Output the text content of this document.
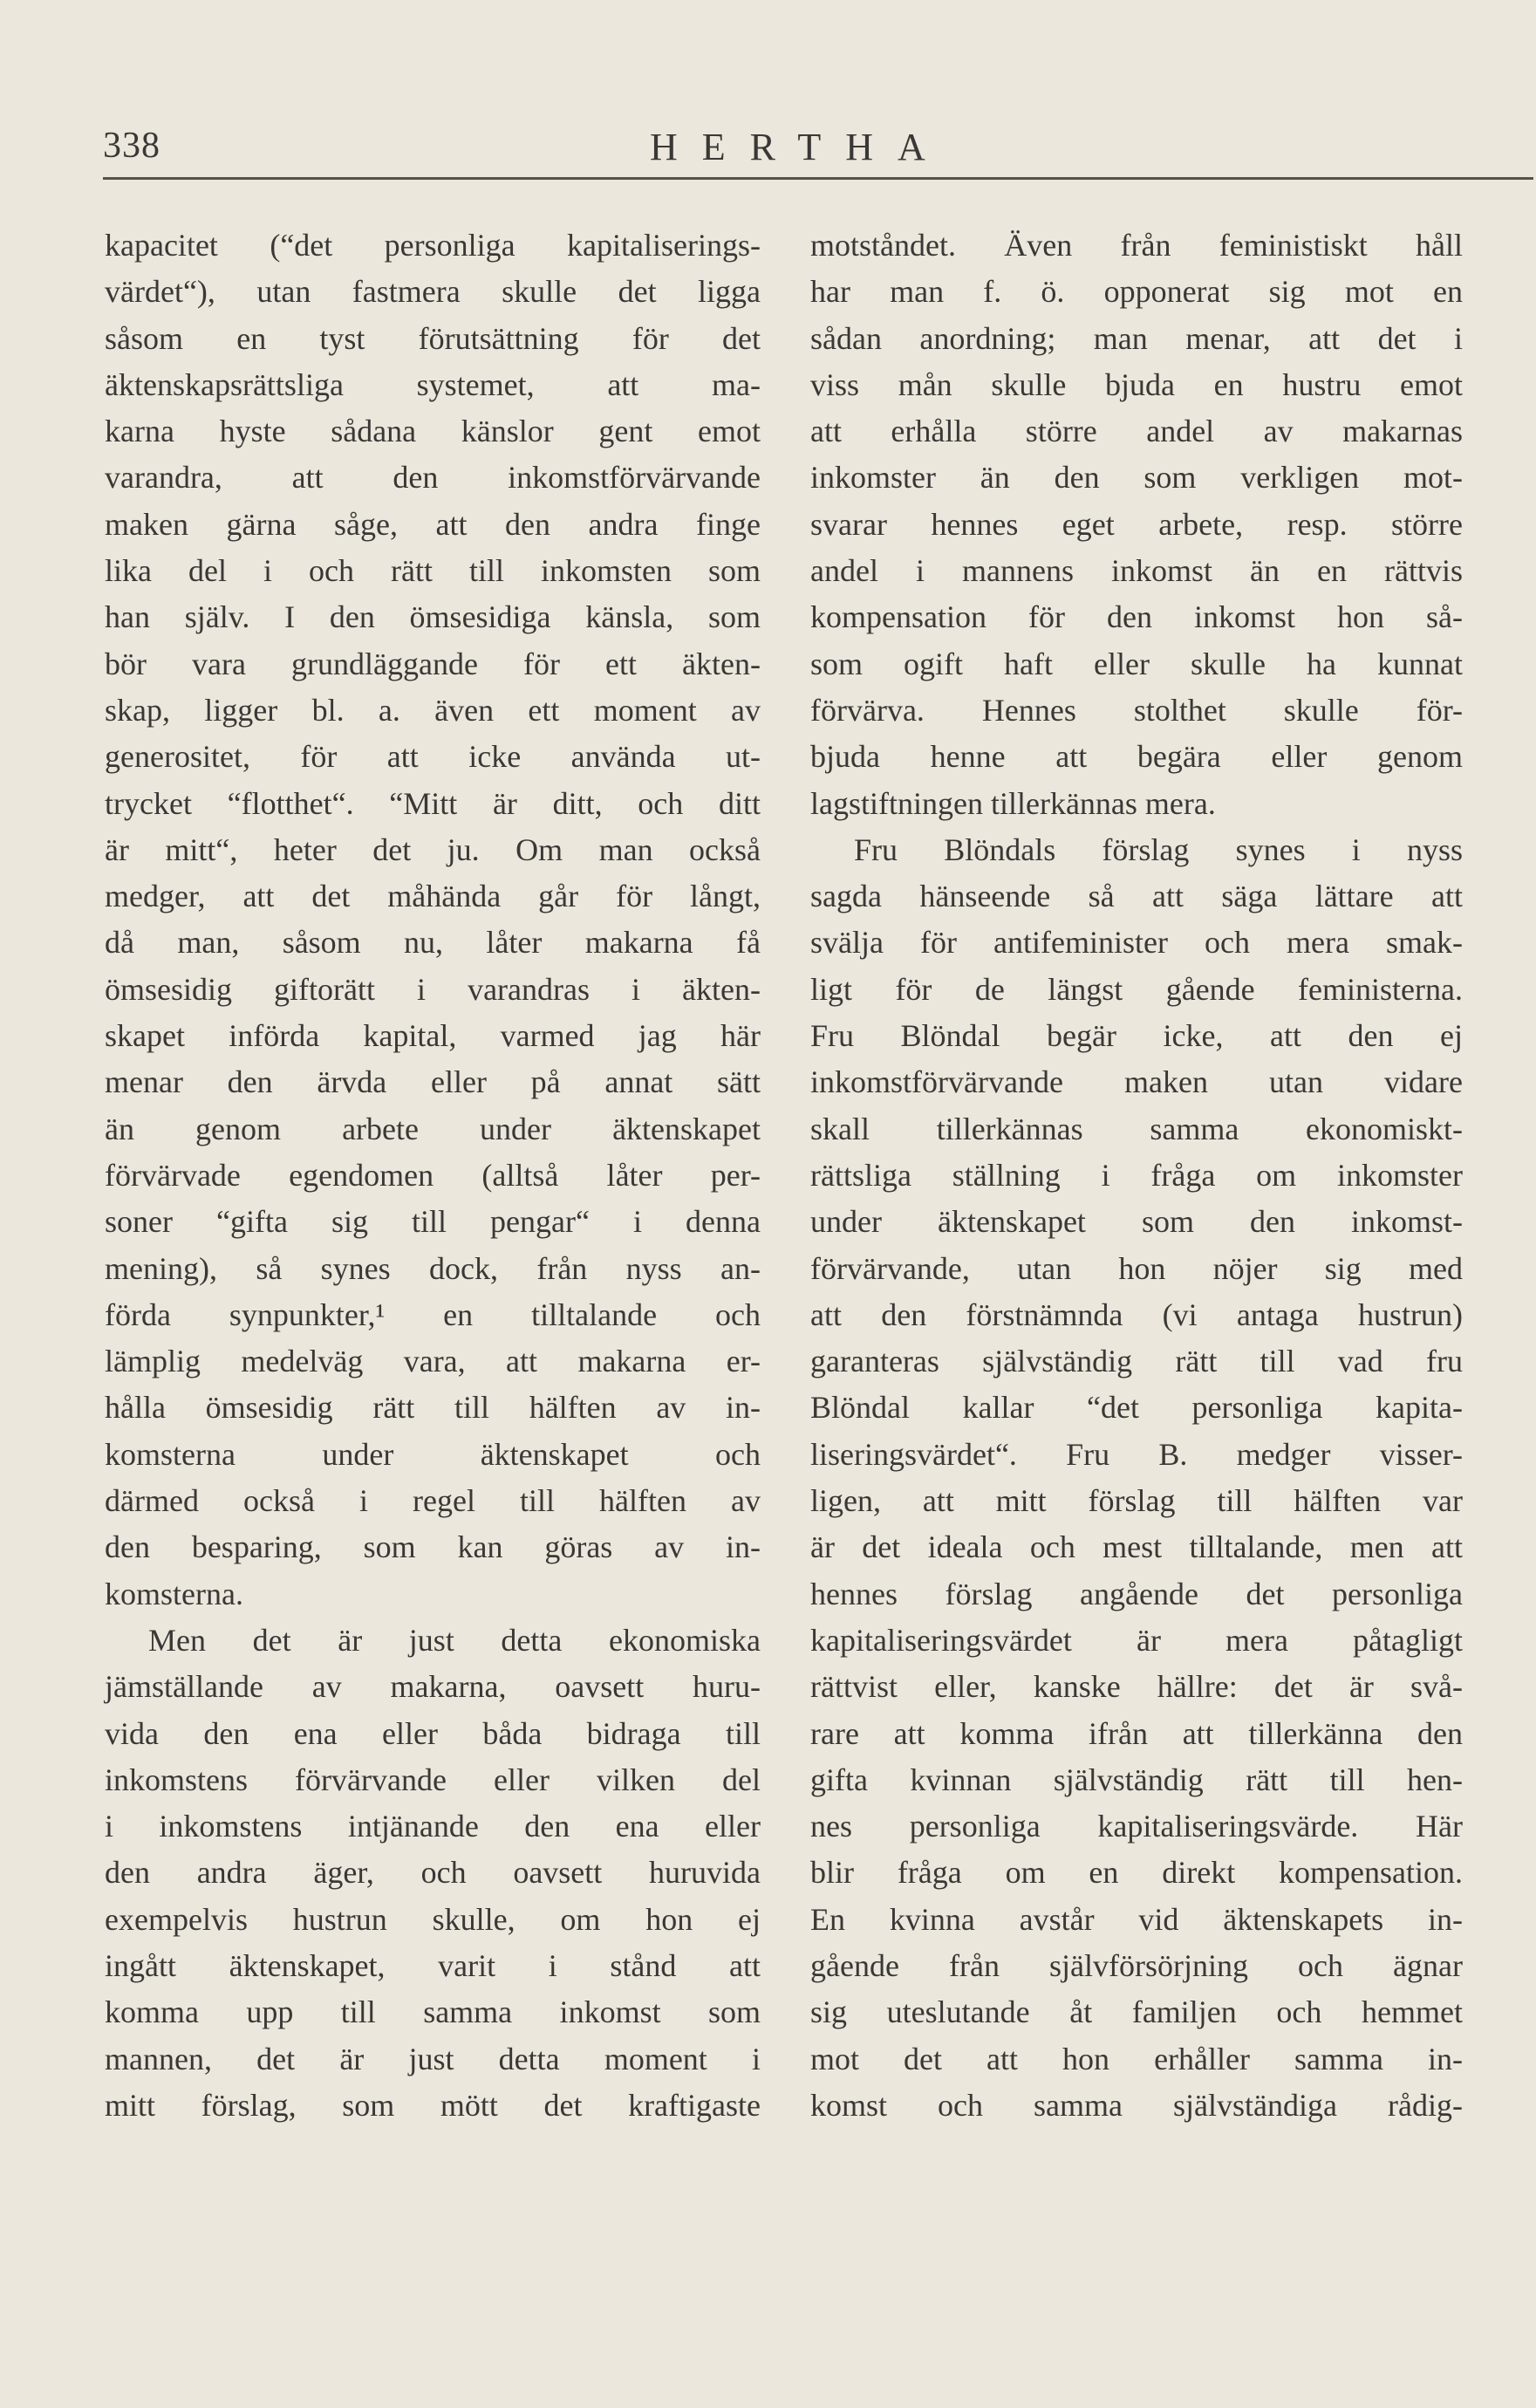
338	HERTHA
kapacitet (“det personliga kapitaliserings-
värdet“), utan fastmera skulle det ligga
såsom en tyst förutsättning för det
äktenskapsrättsliga systemet, att ma-
karna hyste sådana känslor gent emot
varandra, att den inkomstförvärvande
maken gärna såge, att den andra finge
lika del i och rätt till inkomsten som
han själv. I den ömsesidiga känsla, som
bör vara grundläggande för ett äkten-
skap, ligger bl. a. även ett moment av
generositet, för att icke använda ut-
trycket “flotthet“. “Mitt är ditt, och ditt
är mitt“, heter det ju. Om man också
medger, att det måhända går för långt,
då man, såsom nu, låter makarna få
ömsesidig giftorätt i varandras i äkten-
skapet införda kapital, varmed jag här
menar den ärvda eller på annat sätt
än genom arbete under äktenskapet
förvärvade egendomen (alltså låter per-
soner “gifta sig till pengar“ i denna
mening), så synes dock, från nyss an-
förda synpunkter,¹ en tilltalande och
lämplig medelväg vara, att makarna er-
hålla ömsesidig rätt till hälften av in-
komsterna under äktenskapet och
därmed också i regel till hälften av
den besparing, som kan göras av in-
komsterna.
Men det är just detta ekonomiska
jämställande av makarna, oavsett huru-
vida den ena eller båda bidraga till
inkomstens förvärvande eller vilken del
i inkomstens intjänande den ena eller
den andra äger, och oavsett huruvida
exempelvis hustrun skulle, om hon ej
ingått äktenskapet, varit i stånd att
komma upp till samma inkomst som
mannen, det är just detta moment i
mitt förslag, som mött det kraftigaste
motståndet. Även från feministiskt håll
har man f. ö. opponerat sig mot en
sådan anordning; man menar, att det i
viss mån skulle bjuda en hustru emot
att erhålla större andel av makarnas
inkomster än den som verkligen mot-
svarar hennes eget arbete, resp. större
andel i mannens inkomst än en rättvis
kompensation för den inkomst hon så-
som ogift haft eller skulle ha kunnat
förvärva. Hennes stolthet skulle för-
bjuda henne att begära eller genom
lagstiftningen tillerkännas mera.
Fru Blöndals förslag synes i nyss
sagda hänseende så att säga lättare att
svälja för antifeminister och mera smak-
ligt för de längst gående feministerna.
Fru Blöndal begär icke, att den ej
inkomstförvärvande maken utan vidare
skall tillerkännas samma ekonomiskt-
rättsliga ställning i fråga om inkomster
under äktenskapet som den inkomst-
förvärvande, utan hon nöjer sig med
att den förstnämnda (vi antaga hustrun)
garanteras självständig rätt till vad fru
Blöndal kallar “det personliga kapita-
liseringsvärdet“. Fru B. medger visser-
ligen, att mitt förslag till hälften var
är det ideala och mest tilltalande, men att
hennes förslag angående det personliga
kapitaliseringsvärdet är mera påtagligt
rättvist eller, kanske hällre: det är svå-
rare att komma ifrån att tillerkänna den
gifta kvinnan självständig rätt till hen-
nes personliga kapitaliseringsvärde. Här
blir fråga om en direkt kompensation.
En kvinna avstår vid äktenskapets in-
gående från självförsörjning och ägnar
sig uteslutande åt familjen och hemmet
mot det att hon erhåller samma in-
komst och samma självständiga rådig-
